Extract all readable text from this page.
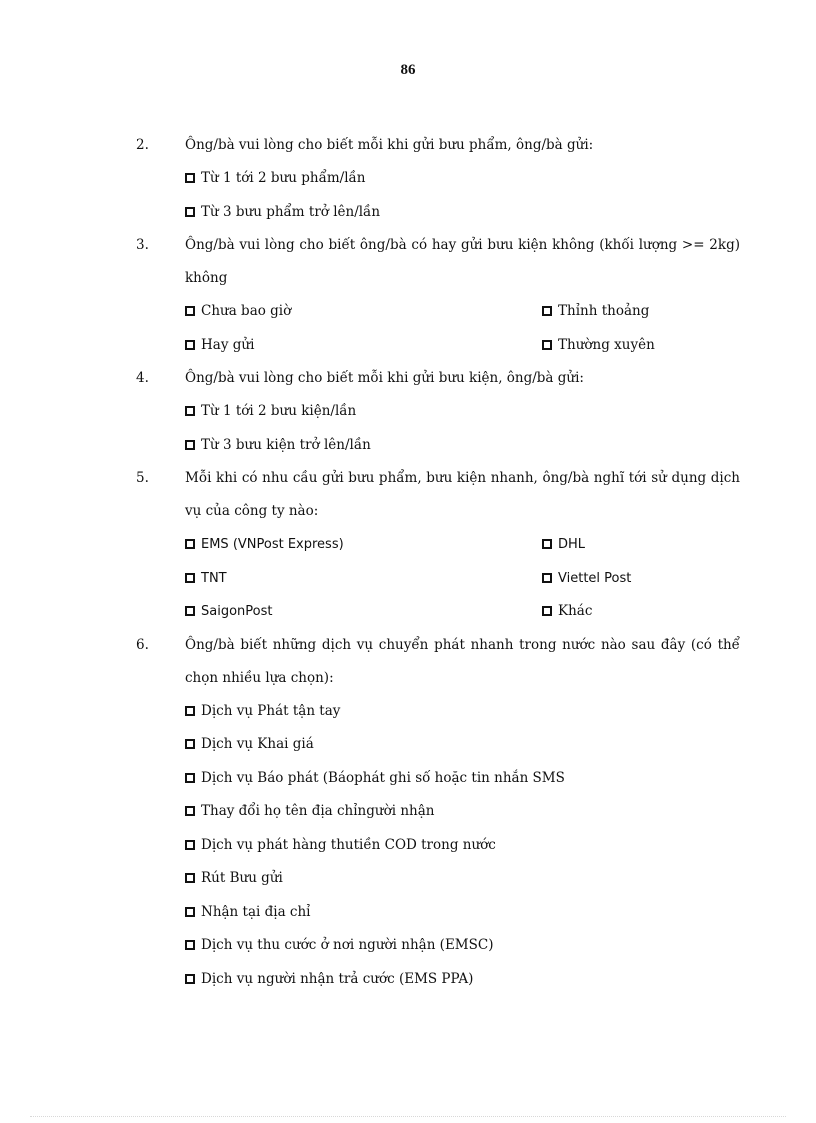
86
2.	Ông/bà vui lòng cho biết mỗi khi gửi bưu phẩm, ông/bà gửi:
Từ 1 tới 2 bưu phẩm/lần
Từ 3 bưu phẩm trở lên/lần
3.	Ông/bà vui lòng cho biết ông/bà có hay gửi bưu kiện không (khối lượng >= 2kg) không
Chưa bao giờ	Thỉnh thoảng
Hay gửi	Thường xuyên
4.	Ông/bà vui lòng cho biết mỗi khi gửi bưu kiện, ông/bà gửi:
Từ 1 tới 2 bưu kiện/lần
Từ 3 bưu kiện trở lên/lần
5.	Mỗi khi có nhu cầu gửi bưu phẩm, bưu kiện nhanh, ông/bà nghĩ tới sử dụng dịch vụ của công ty nào:
EMS (VNPost Express)	DHL
TNT	Viettel Post
SaigonPost	Khác
6.	Ông/bà biết những dịch vụ chuyển phát nhanh trong nước nào sau đây (có thể chọn nhiều lựa chọn):
Dịch vụ Phát tận tay
Dịch vụ Khai giá
Dịch vụ Báo phát (Báophát ghi số hoặc tin nhắn SMS
Thay đổi họ tên địa chỉngười nhận
Dịch vụ phát hàng thutiền COD trong nước
Rút Bưu gửi
Nhận tại địa chỉ
Dịch vụ thu cước ở nơi người nhận (EMSC)
Dịch vụ người nhận trả cước (EMS PPA)
